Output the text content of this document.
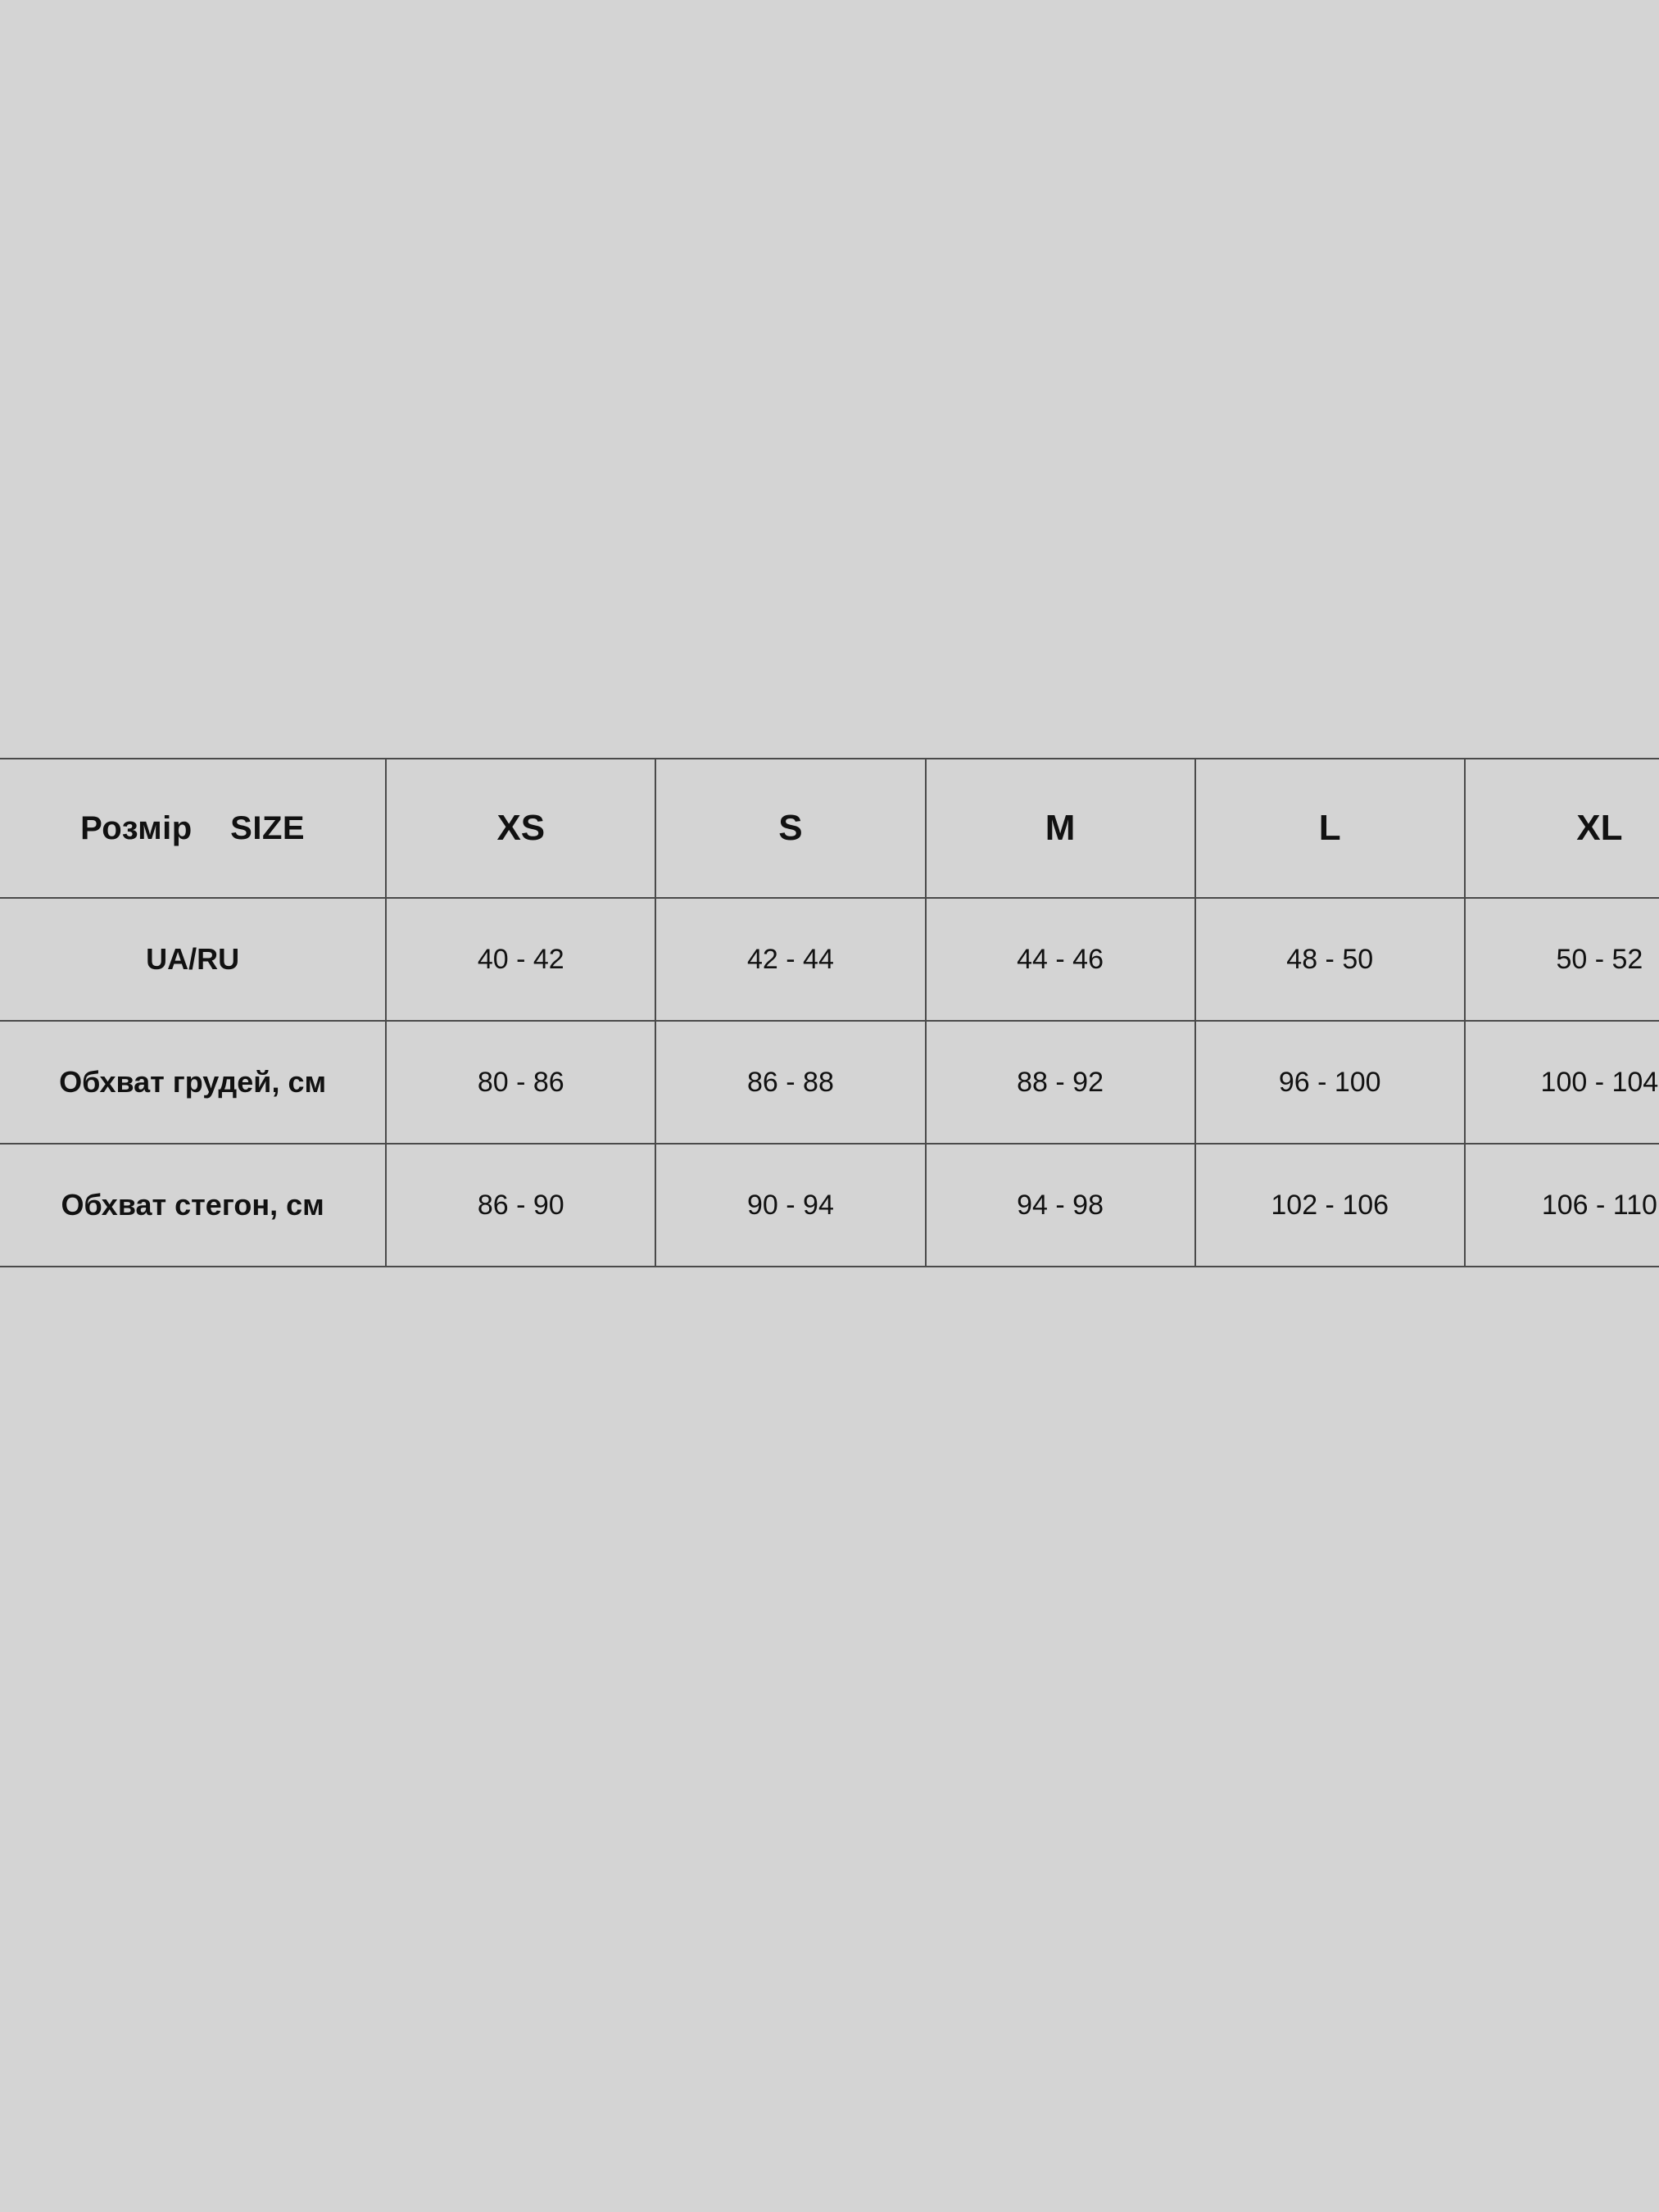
Розмір    SIZE	XS	S	M	L	XL
UA/RU	40 - 42	42 - 44	44 - 46	48 - 50	50 - 52
Обхват грудей, см	80 - 86	86 - 88	88 - 92	96 - 100	100 - 104
Обхват стегон, см	86 - 90	90 - 94	94 - 98	102 - 106	106 - 110
